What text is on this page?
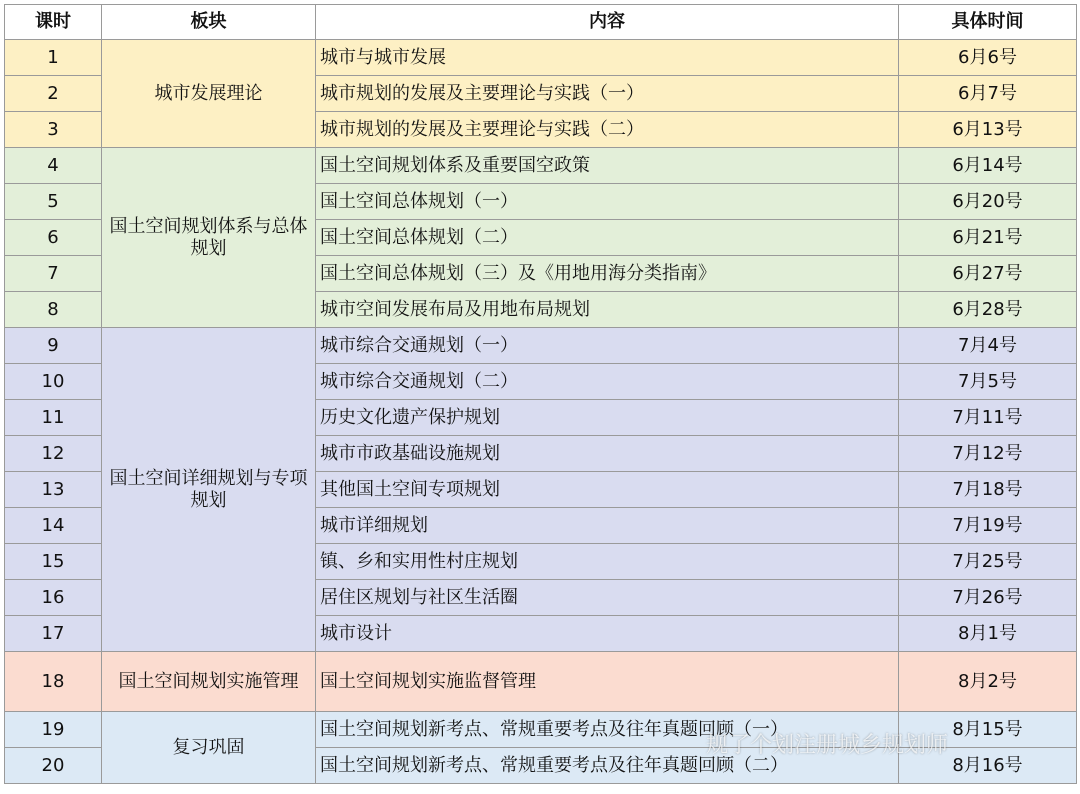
课时	板块	内容	具体时间
1	城市发展理论	城市与城市发展	6月6号
2		城市规划的发展及主要理论与实践（一）	6月7号
3		城市规划的发展及主要理论与实践（二）	6月13号
4	国土空间规划体系与总体规划	国土空间规划体系及重要国空政策	6月14号
5		国土空间总体规划（一）	6月20号
6		国土空间总体规划（二）	6月21号
7		国土空间总体规划（三）及《用地用海分类指南》	6月27号
8		城市空间发展布局及用地布局规划	6月28号
9	国土空间详细规划与专项规划	城市综合交通规划（一）	7月4号
10		城市综合交通规划（二）	7月5号
11		历史文化遗产保护规划	7月11号
12		城市市政基础设施规划	7月12号
13		其他国土空间专项规划	7月18号
14		城市详细规划	7月19号
15		镇、乡和实用性村庄规划	7月25号
16		居住区规划与社区生活圈	7月26号
17		城市设计	8月1号
18	国土空间规划实施管理	国土空间规划实施监督管理	8月2号
19	复习巩固	国土空间规划新考点、常规重要考点及往年真题回顾（一）	8月15号
20		国土空间规划新考点、常规重要考点及往年真题回顾（二）	8月16号
规了个划注册城乡规划师
